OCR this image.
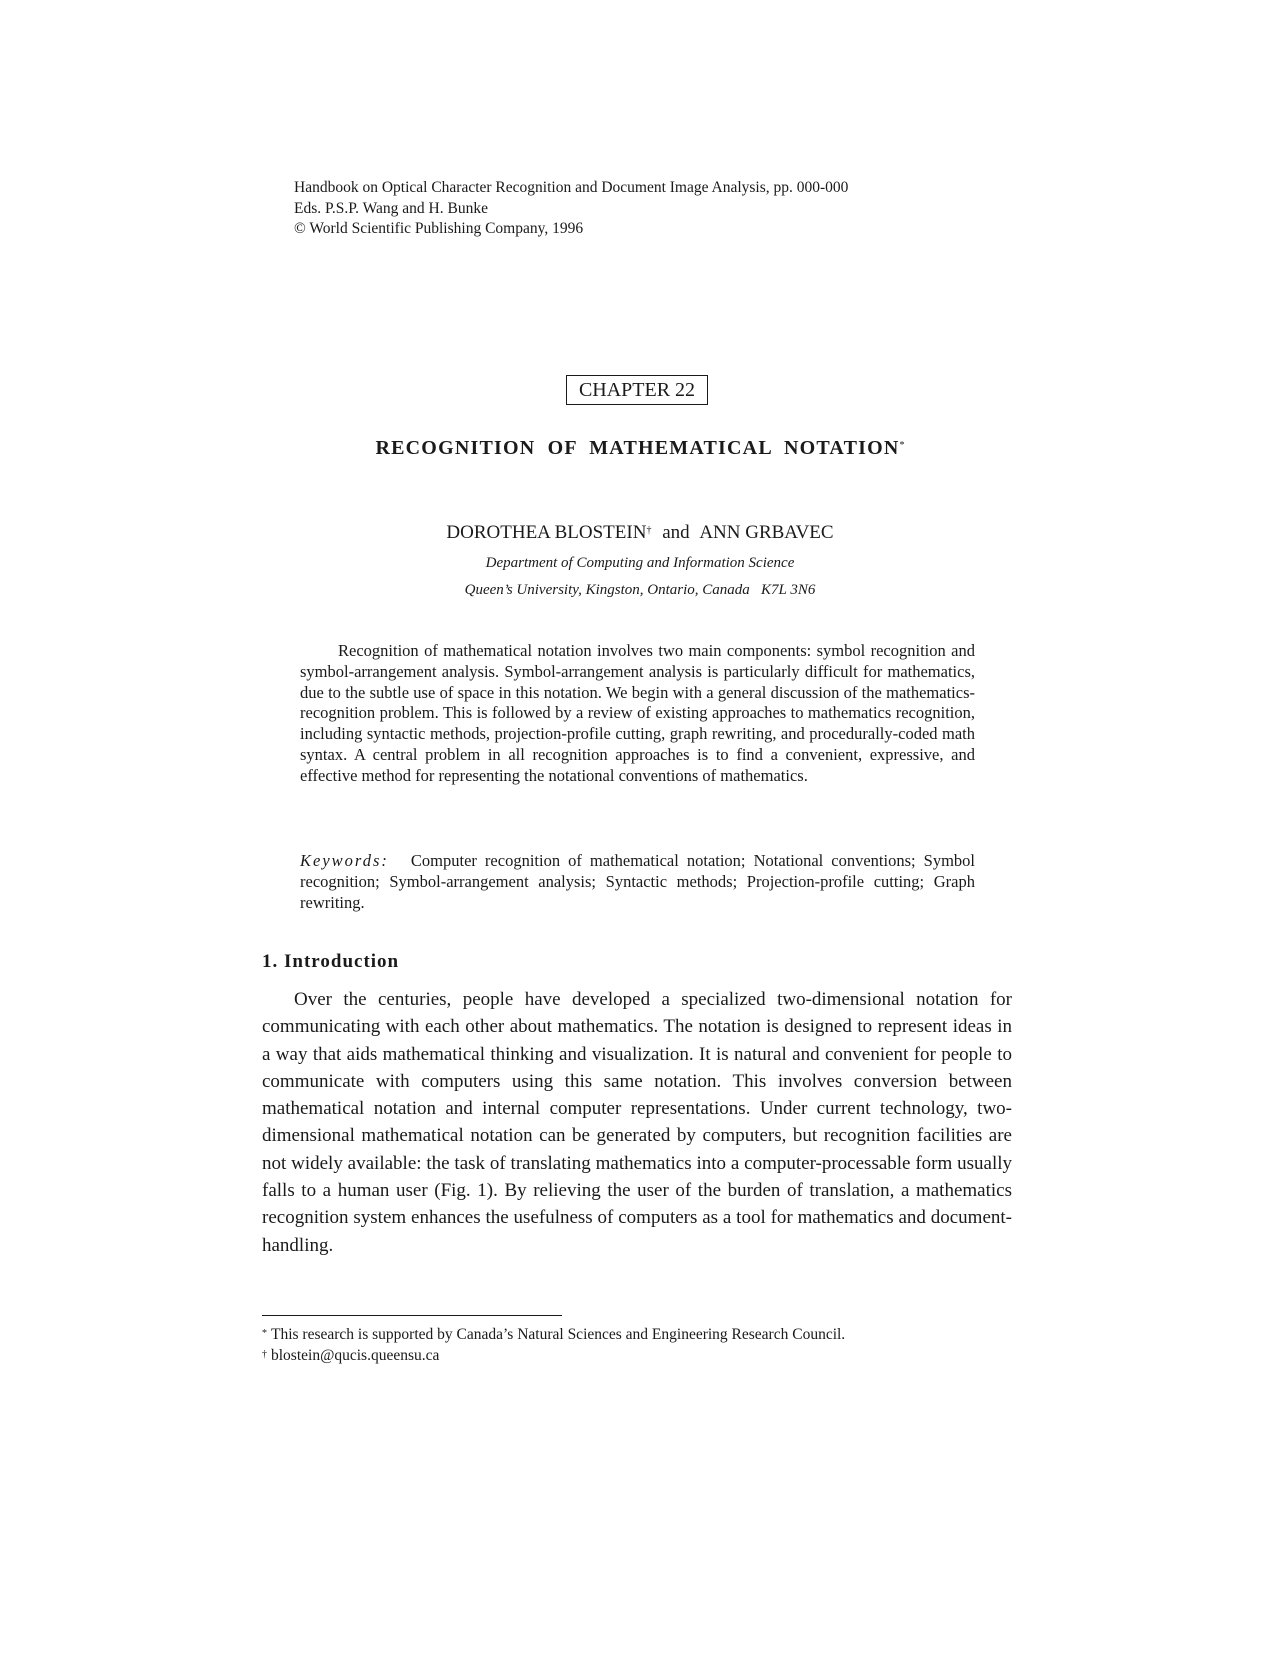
Handbook on Optical Character Recognition and Document Image Analysis, pp. 000-000
Eds. P.S.P. Wang and H. Bunke
© World Scientific Publishing Company, 1996
CHAPTER 22
RECOGNITION OF MATHEMATICAL NOTATION*
DOROTHEA BLOSTEIN† and ANN GRBAVEC
Department of Computing and Information Science
Queen’s University, Kingston, Ontario, Canada   K7L 3N6
Recognition of mathematical notation involves two main components: symbol recognition and symbol-arrangement analysis. Symbol-arrangement analysis is particularly difficult for mathematics, due to the subtle use of space in this notation. We begin with a general discussion of the mathematics-recognition problem. This is followed by a review of existing approaches to mathematics recognition, including syntactic methods, projection-profile cutting, graph rewriting, and procedurally-coded math syntax. A central problem in all recognition approaches is to find a convenient, expressive, and effective method for representing the notational conventions of mathematics.
Keywords: Computer recognition of mathematical notation; Notational conventions; Symbol recognition; Symbol-arrangement analysis; Syntactic methods; Projection-profile cutting; Graph rewriting.
1. Introduction
Over the centuries, people have developed a specialized two-dimensional notation for communicating with each other about mathematics. The notation is designed to represent ideas in a way that aids mathematical thinking and visualization. It is natural and convenient for people to communicate with computers using this same notation. This involves conversion between mathematical notation and internal computer representations. Under current technology, two-dimensional mathematical notation can be generated by computers, but recognition facilities are not widely available: the task of translating mathematics into a computer-processable form usually falls to a human user (Fig. 1). By relieving the user of the burden of translation, a mathematics recognition system enhances the usefulness of computers as a tool for mathematics and document-handling.
* This research is supported by Canada’s Natural Sciences and Engineering Research Council.
† blostein@qucis.queensu.ca
